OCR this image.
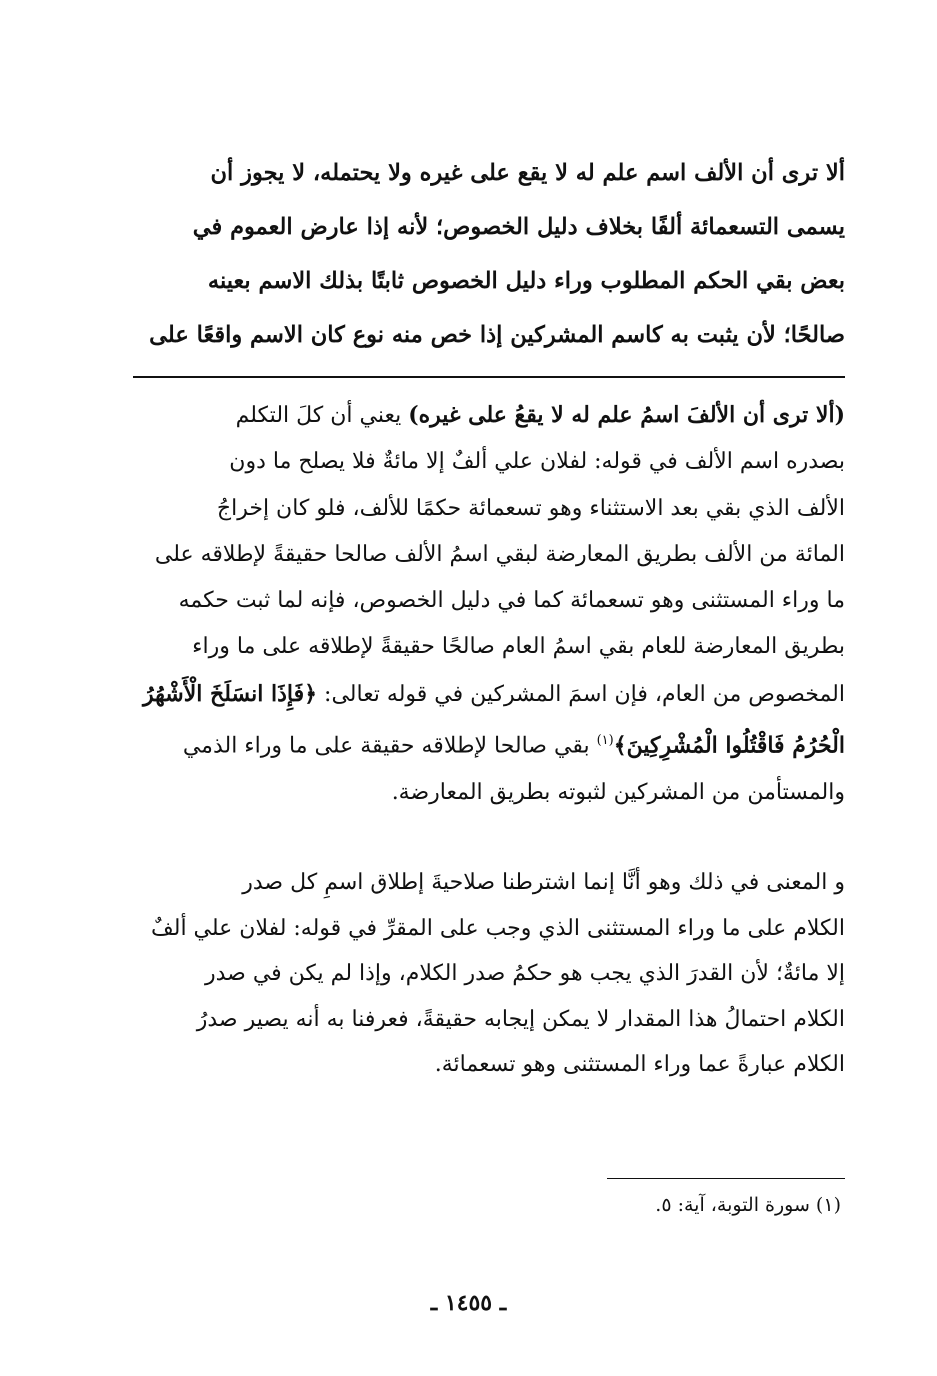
ألا ترى أن الألف اسم علم له لا يقع على غيره ولا يحتمله، لا يجوز أن
يسمى التسعمائة ألفًا بخلاف دليل الخصوص؛ لأنه إذا عارض العموم في
بعض بقي الحكم المطلوب وراء دليل الخصوص ثابتًا بذلك الاسم بعينه
صالحًا؛ لأن يثبت به كاسم المشركين إذا خص منه نوع كان الاسم واقعًا على
(ألا ترى أن الألفَ اسمُ علم له لا يقعُ على غيره) يعني أن كلَ التكلم
بصدره اسم الألف في قوله: لفلان علي ألفٌ إلا مائةٌ فلا يصلح ما دون
الألف الذي بقي بعد الاستثناء وهو تسعمائة حكمًا للألف، فلو كان إخراجُ
المائة من الألف بطريق المعارضة لبقي اسمُ الألف صالحا حقيقةً لإطلاقه على
ما وراء المستثنى وهو تسعمائة كما في دليل الخصوص، فإنه لما ثبت حكمه
بطريق المعارضة للعام بقي اسمُ العام صالحًا حقيقةً لإطلاقه على ما وراء
المخصوص من العام، فإن اسمَ المشركين في قوله تعالى: ﴿فَإِذَا انسَلَخَ الْأَشْهُرُ
الْحُرُمُ فَاقْتُلُوا الْمُشْرِكِينَ﴾$^{(١)}$ بقي صالحا لإطلاقه حقيقة على ما وراء الذمي
والمستأمن من المشركين لثبوته بطريق المعارضة.
و المعنى في ذلك وهو أنَّا إنما اشترطنا صلاحيةَ إطلاق اسمِ كل صدر
الكلام على ما وراء المستثنى الذي وجب على المقرِّ في قوله: لفلان علي ألفٌ
إلا مائةٌ؛ لأن القدرَ الذي يجب هو حكمُ صدر الكلام، وإذا لم يكن في صدر
الكلام احتمالُ هذا المقدار لا يمكن إيجابه حقيقةً، فعرفنا به أنه يصير صدرُ
الكلام عبارةً عما وراء المستثنى وهو تسعمائة.
(١) سورة التوبة، آية: ٥.
ـ ١٤٥٥ ـ
